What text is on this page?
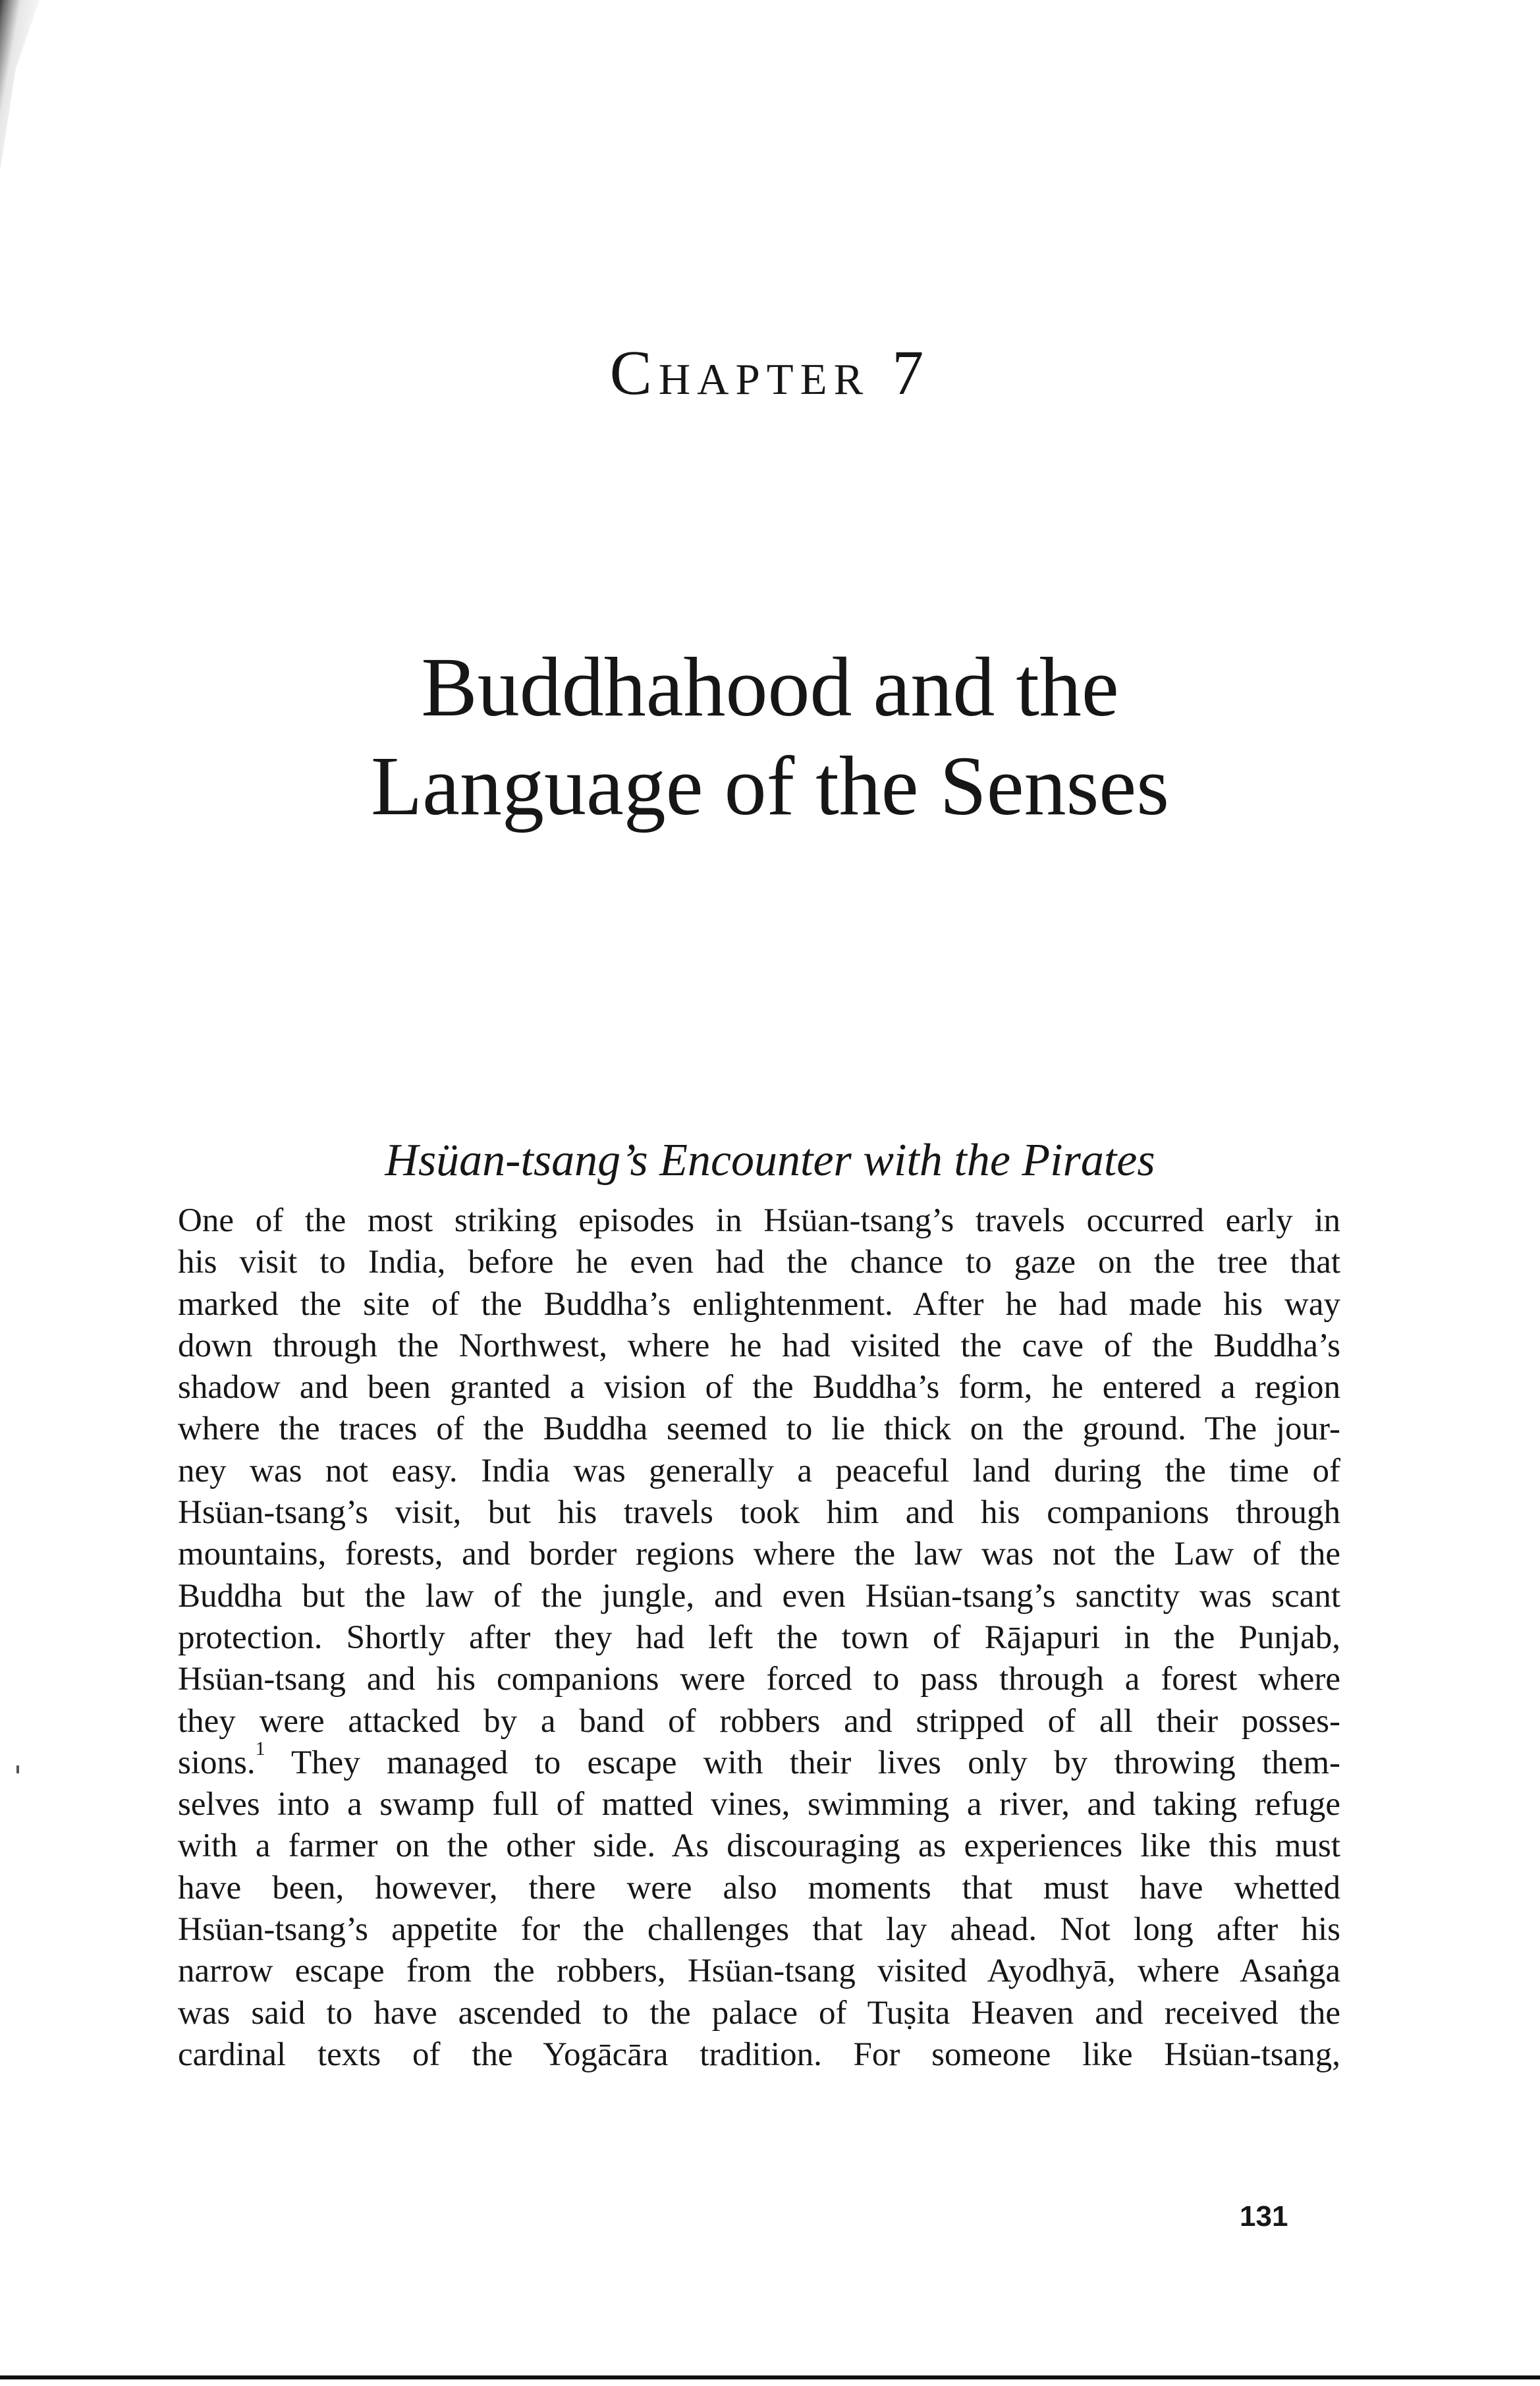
Chapter 7
Buddhahood and the
Language of the Senses
Hsüan-tsang’s Encounter with the Pirates
One of the most striking episodes in Hsüan-tsang’s travels occurred early in
his visit to India, before he even had the chance to gaze on the tree that
marked the site of the Buddha’s enlightenment. After he had made his way
down through the Northwest, where he had visited the cave of the Buddha’s
shadow and been granted a vision of the Buddha’s form, he entered a region
where the traces of the Buddha seemed to lie thick on the ground. The jour-
ney was not easy. India was generally a peaceful land during the time of
Hsüan-tsang’s visit, but his travels took him and his companions through
mountains, forests, and border regions where the law was not the Law of the
Buddha but the law of the jungle, and even Hsüan-tsang’s sanctity was scant
protection. Shortly after they had left the town of Rājapuri in the Punjab,
Hsüan-tsang and his companions were forced to pass through a forest where
they were attacked by a band of robbers and stripped of all their posses-
sions.$^1$ They managed to escape with their lives only by throwing them-
selves into a swamp full of matted vines, swimming a river, and taking refuge
with a farmer on the other side. As discouraging as experiences like this must
have been, however, there were also moments that must have whetted
Hsüan-tsang’s appetite for the challenges that lay ahead. Not long after his
narrow escape from the robbers, Hsüan-tsang visited Ayodhyā, where Asaṅga
was said to have ascended to the palace of Tuṣita Heaven and received the
cardinal texts of the Yogācāra tradition. For someone like Hsüan-tsang,
131
